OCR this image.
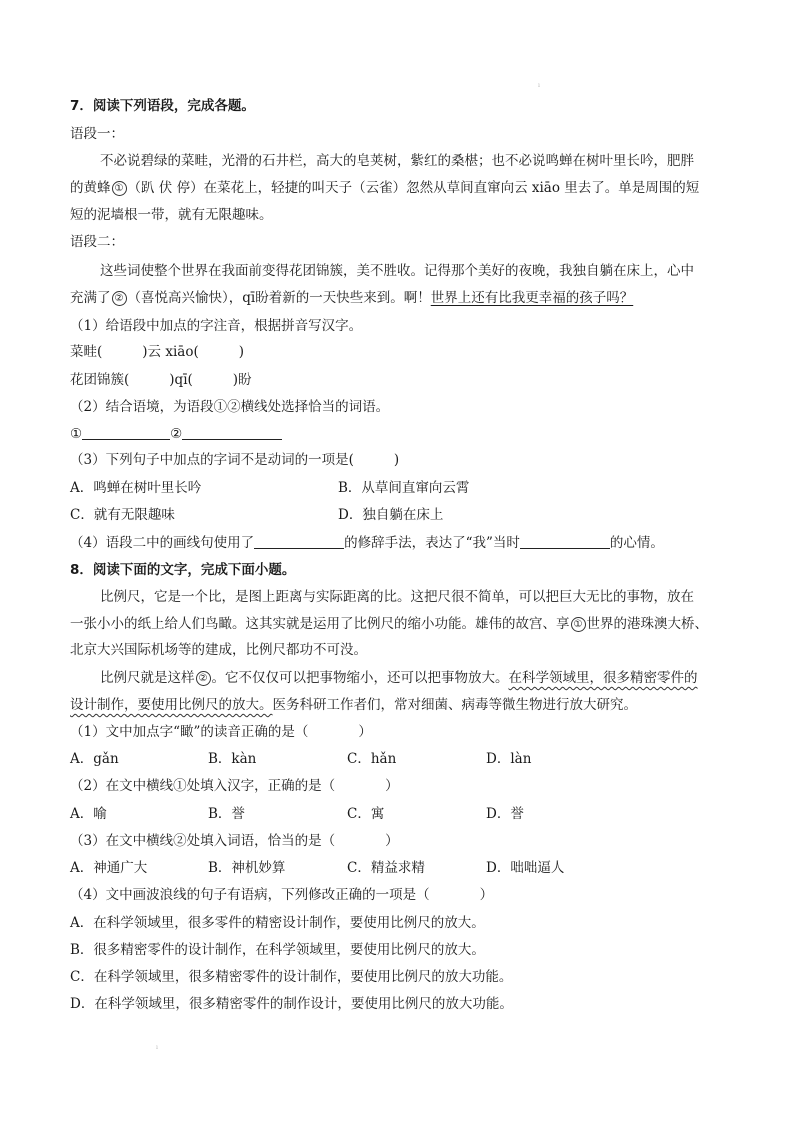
ı
7．阅读下列语段，完成各题。
语段一：
不必说碧绿的菜畦，光滑的石井栏，高大的皂荚树，紫红的桑椹；也不必说鸣蝉在树叶里长吟，肥胖
的黄蜂 ① （趴 伏 停）在菜花上，轻捷的叫天子（云雀）忽然从草间直窜向云 xiāo 里去了。单是周围的短
短的泥墙根一带，就有无限趣味。
语段二：
这些词使整个世界在我面前变得花团锦簇，美不胜收。记得那个美好的夜晚，我独自躺在床上，心中
充满了 ② （喜悦高兴愉快），qī盼着新的一天快些来到。啊！世界上还有比我更幸福的孩子吗？
（1）给语段中加点的字注音，根据拼音写汉字。
菜畦(	)云 xiāo(	)
花团锦簇(	)qī(	)盼
（2）结合语境，为语段①②横线处选择恰当的词语。
①	②
（3）下列句子中加点的字词不是动词的一项是(	)
A．鸣蝉在树叶里长吟	B．从草间直窜向云霄
C．就有无限趣味	D．独自躺在床上
（4）语段二中的画线句使用了	的修辞手法，表达了“我”当时	的心情。
8．阅读下面的文字，完成下面小题。
比例尺，它是一个比，是图上距离与实际距离的比。这把尺很不简单，可以把巨大无比的事物，放在
一张小小的纸上给人们鸟瞰。这其实就是运用了比例尺的缩小功能。雄伟的故宫、享 ① 世界的港珠澳大桥、
北京大兴国际机场等的建成，比例尺都功不可没。
比例尺就是这样 ② 。它不仅仅可以把事物缩小，还可以把事物放大。在科学领域里，很多精密零件的
设计制作，要使用比例尺的放大。医务科研工作者们，常对细菌、病毒等微生物进行放大研究。
（1）文中加点字“瞰”的读音正确的是（	）
A．gǎn	B．kàn	C．hǎn	D．làn
（2）在文中横线①处填入汉字，正确的是（	）
A．喻	B．誉	C．寓	D．誉
（3）在文中横线②处填入词语，恰当的是（	）
A．神通广大	B．神机妙算	C．精益求精	D．咄咄逼人
（4）文中画波浪线的句子有语病，下列修改正确的一项是（	）
A．在科学领域里，很多零件的精密设计制作，要使用比例尺的放大。
B．很多精密零件的设计制作，在科学领域里，要使用比例尺的放大。
C．在科学领域里，很多精密零件的设计制作，要使用比例尺的放大功能。
D．在科学领域里，很多精密零件的制作设计，要使用比例尺的放大功能。
ı
